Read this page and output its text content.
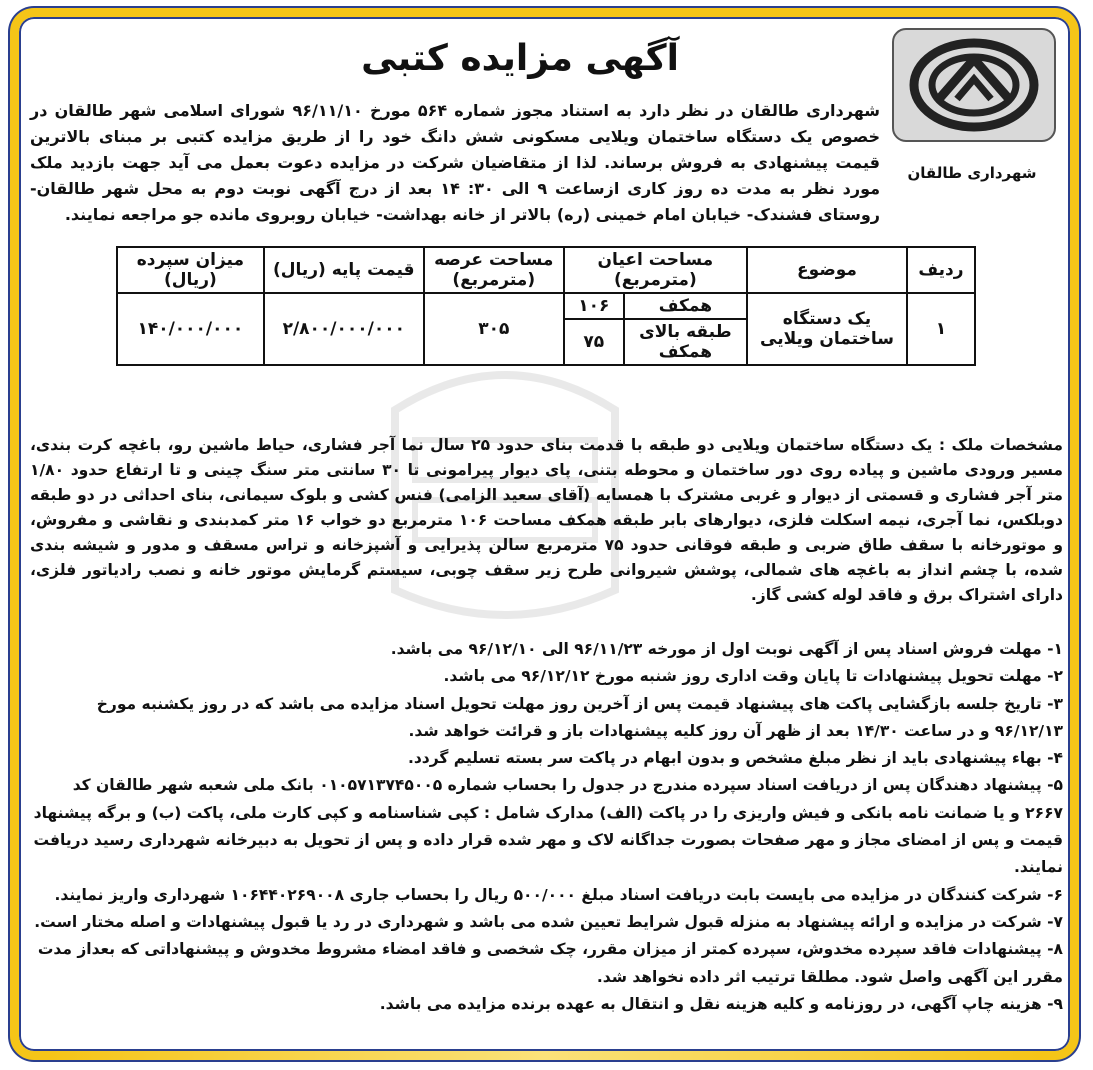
شهرداری طالقان
آگهی مزایده کتبی
شهرداری طالقان در نظر دارد به استناد مجوز شماره ۵۶۴ مورخ ۹۶/۱۱/۱۰ شورای اسلامی شهر طالقان در خصوص یک دستگاه ساختمان ویلایی مسکونی شش دانگ خود را از طریق مزایده کتبی بر مبنای بالاترین قیمت پیشنهادی به فروش برساند. لذا از متقاضیان شرکت در مزایده دعوت بعمل می آید جهت بازدید ملک مورد نظر به مدت ده روز کاری ازساعت ۹ الی ۳۰: ۱۴ بعد از درج آگهی نوبت دوم به محل شهر طالقان- روستای فشندک- خیابان امام خمینی (ره) بالاتر از خانه بهداشت- خیابان روبروی مانده جو مراجعه نمایند.
ردیف	موضوع	مساحت اعیان (مترمربع)		مساحت عرصه (مترمربع)	قیمت پایه (ریال)	میزان سپرده (ریال)
۱	یک دستگاه ساختمان ویلایی	همکف	۱۰۶	۳۰۵	۲/۸۰۰/۰۰۰/۰۰۰	۱۴۰/۰۰۰/۰۰۰
		طبقه بالای همکف	۷۵			
مشخصات ملک : یک دستگاه ساختمان ویلایی دو طبقه با قدمت بنای حدود ۲۵ سال نما آجر فشاری، حیاط ماشین رو، باغچه کرت بندی، مسیر ورودی ماشین و پیاده روی دور ساختمان و محوطه بتنی، پای دیوار پیرامونی تا ۳۰ سانتی متر سنگ چینی و تا ارتفاع حدود ۱/۸۰ متر آجر فشاری و قسمتی از دیوار و غربی مشترک با همسایه (آقای سعید الزامی) فنس کشی و بلوک سیمانی، بنای احداثی در دو طبقه دوبلکس، نما آجری، نیمه اسکلت فلزی، دیوارهای بابر طبقه همکف مساحت ۱۰۶ مترمربع دو خواب ۱۶ متر کمدبندی و نقاشی و مفروش، و موتورخانه با سقف طاق ضربی و طبقه فوقانی حدود ۷۵ مترمربع سالن پذیرایی و آشپزخانه و تراس مسقف و مدور و شیشه بندی شده، با چشم انداز به باغچه های شمالی، پوشش شیروانی طرح زیر سقف چوبی، سیستم گرمایش موتور خانه و نصب رادیاتور فلزی، دارای اشتراک برق و فاقد لوله کشی گاز.

۱- مهلت فروش اسناد پس از آگهی نوبت اول از مورخه ۹۶/۱۱/۲۳ الی ۹۶/۱۲/۱۰ می باشد.

۲- مهلت تحویل پیشنهادات تا پایان وقت اداری روز شنبه مورخ ۹۶/۱۲/۱۲ می باشد.

۳- تاریخ جلسه بازگشایی پاکت های پیشنهاد قیمت پس از آخرین روز مهلت تحویل اسناد مزایده می باشد که در روز یکشنبه مورخ ۹۶/۱۲/۱۳ و در ساعت ۱۴/۳۰ بعد از ظهر آن روز کلیه پیشنهادات باز و قرائت خواهد شد.

۴- بهاء پیشنهادی باید از نظر مبلغ مشخص و بدون ابهام در پاکت سر بسته تسلیم گردد.

۵- پیشنهاد دهندگان پس از دریافت اسناد سپرده مندرج در جدول را بحساب شماره ۰۱۰۵۷۱۳۷۴۵۰۰۵ بانک ملی شعبه شهر طالقان کد ۲۶۶۷ و یا ضمانت نامه بانکی و فیش واریزی را در پاکت (الف) مدارک شامل : کپی شناسنامه و کپی کارت ملی، پاکت (ب) و برگه پیشنهاد قیمت و پس از امضای مجاز و مهر صفحات بصورت جداگانه لاک و مهر شده قرار داده و پس از تحویل به دبیرخانه شهرداری رسید دریافت نمایند.

۶- شرکت کنندگان در مزایده می بایست بابت دریافت اسناد مبلغ ۵۰۰/۰۰۰ ریال را بحساب جاری ۱۰۶۴۴۰۲۶۹۰۰۸ شهرداری واریز نمایند.

۷- شرکت در مزایده و ارائه پیشنهاد به منزله قبول شرایط تعیین شده می باشد و شهرداری در رد یا قبول پیشنهادات و اصله مختار است.

۸- پیشنهادات فاقد سپرده مخدوش، سپرده کمتر از میزان مقرر، چک شخصی و فاقد امضاء مشروط مخدوش و پیشنهاداتی که بعداز مدت مقرر این آگهی واصل شود. مطلقا ترتیب اثر داده نخواهد شد.

۹- هزینه چاپ آگهی، در روزنامه و کلیه هزینه نقل و انتقال به عهده برنده مزایده می باشد.
